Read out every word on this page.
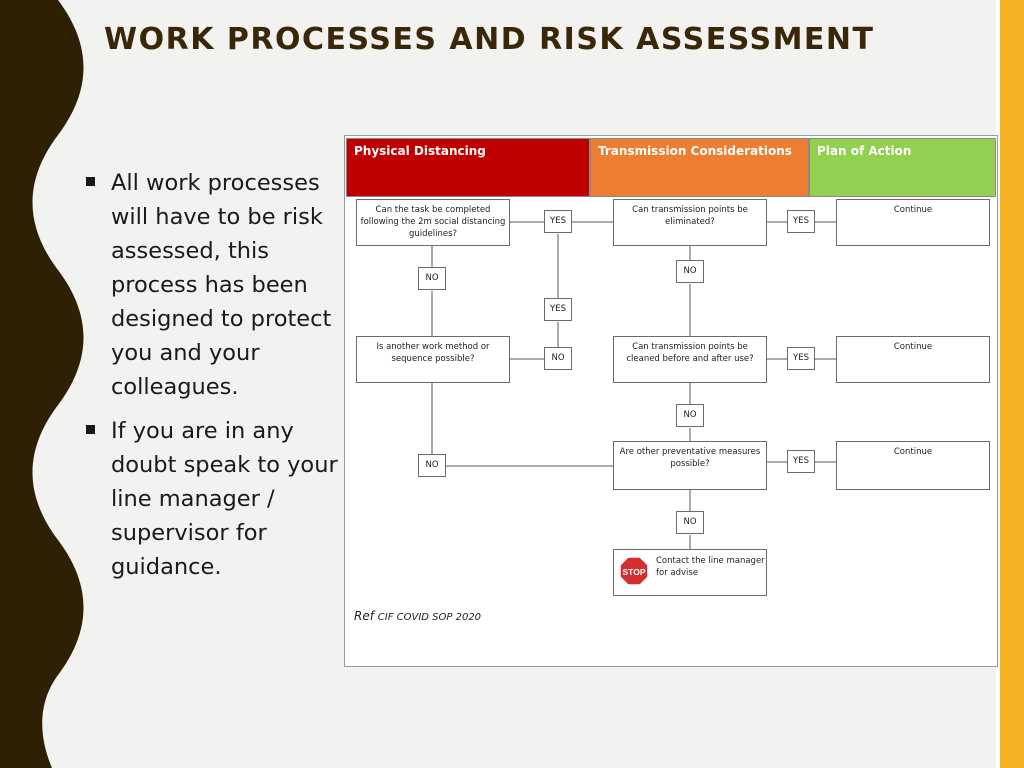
WORK PROCESSES AND RISK ASSESSMENT
All work processes will have to be risk assessed, this process has been designed to protect you and your colleagues.
If you are in any doubt speak to your line manager / supervisor for guidance.
Physical Distancing	Transmission Considerations	Plan of Action
Can the task be completed following the 2m social distancing guidelines?
Is another work method or sequence possible?
Can transmission points be eliminated?
Can transmission points be cleaned before and after use?
Are other preventative measures possible?
Continue
Continue
Continue
STOP
Contact the line manager for advise
YES	YES
NO
NO
YES
NO	YES
NO
NO	YES
NO
Ref CIF COVID SOP 2020
